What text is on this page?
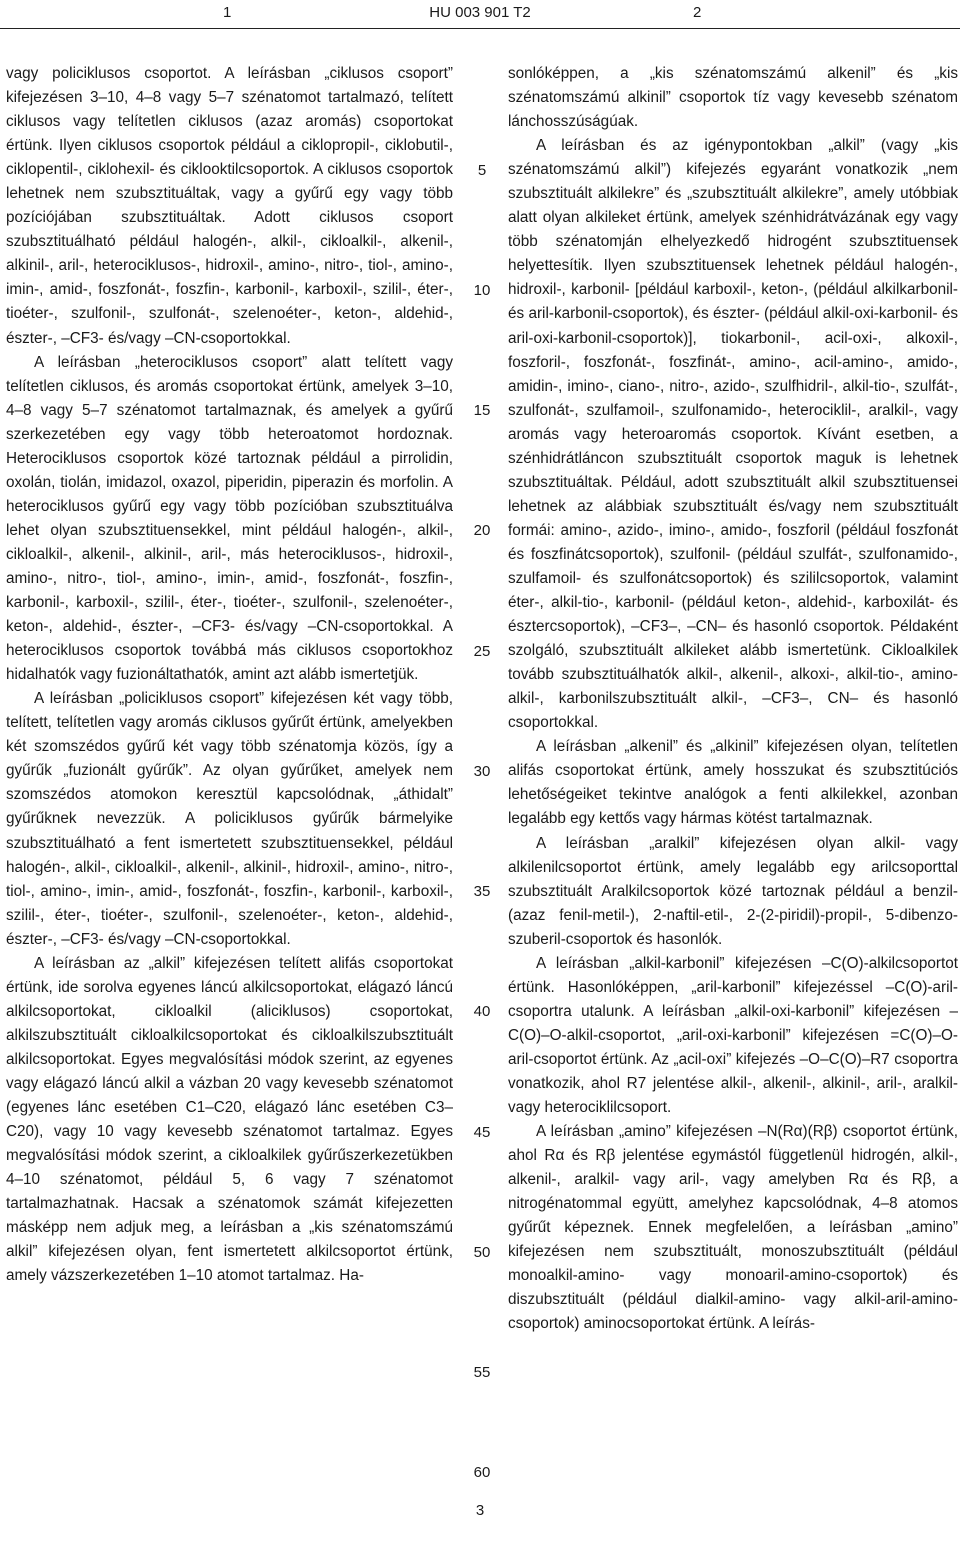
1	HU 003 901 T2	2

vagy policiklusos csoportot. A leírásban „ciklusos csoport” kifejezésen 3–10, 4–8 vagy 5–7 szénatomot tartalmazó, telített ciklusos vagy telítetlen ciklusos (azaz aromás) csoportokat értünk. Ilyen ciklusos csoportok például a ciklopropil-, ciklobutil-, ciklopentil-, ciklohexil- és ciklooktilcsoportok. A ciklusos csoportok lehetnek nem szubsztituáltak, vagy a gyűrű egy vagy több pozíciójában szubsztituáltak. Adott ciklusos csoport szubsztituálható például halogén-, alkil-, cikloalkil-, alkenil-, alkinil-, aril-, heterociklusos-, hidroxil-, amino-, nitro-, tiol-, amino-, imin-, amid-, foszfonát-, foszfin-, karbonil-, karboxil-, szilil-, éter-, tioéter-, szulfonil-, szulfonát-, szelenoéter-, keton-, aldehid-, észter-, –CF3- és/vagy –CN-csoportokkal.

A leírásban „heterociklusos csoport” alatt telített vagy telítetlen ciklusos, és aromás csoportokat értünk, amelyek 3–10, 4–8 vagy 5–7 szénatomot tartalmaznak, és amelyek a gyűrű szerkezetében egy vagy több heteroatomot hordoznak. Heterociklusos csoportok közé tartoznak például a pirrolidin, oxolán, tiolán, imidazol, oxazol, piperidin, piperazin és morfolin. A heterociklusos gyűrű egy vagy több pozícióban szubsztituálva lehet olyan szubsztituensekkel, mint például halogén-, alkil-, cikloalkil-, alkenil-, alkinil-, aril-, más heterociklusos-, hidroxil-, amino-, nitro-, tiol-, amino-, imin-, amid-, foszfonát-, foszfin-, karbonil-, karboxil-, szilil-, éter-, tioéter-, szulfonil-, szelenoéter-, keton-, aldehid-, észter-, –CF3- és/vagy –CN-csoportokkal. A heterociklusos csoportok továbbá más ciklusos csoportokhoz hidalhatók vagy fuzionáltathatók, amint azt alább ismertetjük.

A leírásban „policiklusos csoport” kifejezésen két vagy több, telített, telítetlen vagy aromás ciklusos gyűrűt értünk, amelyekben két szomszédos gyűrű két vagy több szénatomja közös, így a gyűrűk „fuzionált gyűrűk”. Az olyan gyűrűket, amelyek nem szomszédos atomokon keresztül kapcsolódnak, „áthidalt” gyűrűknek nevezzük. A policiklusos gyűrűk bármelyike szubsztituálható a fent ismertetett szubsztituensekkel, például halogén-, alkil-, cikloalkil-, alkenil-, alkinil-, hidroxil-, amino-, nitro-, tiol-, amino-, imin-, amid-, foszfonát-, foszfin-, karbonil-, karboxil-, szilil-, éter-, tioéter-, szulfonil-, szelenoéter-, keton-, aldehid-, észter-, –CF3- és/vagy –CN-csoportokkal.

A leírásban az „alkil” kifejezésen telített alifás csoportokat értünk, ide sorolva egyenes láncú alkilcsoportokat, elágazó láncú alkilcsoportokat, cikloalkil (aliciklusos) csoportokat, alkilszubsztituált cikloalkilcsoportokat és cikloalkilszubsztituált alkilcsoportokat. Egyes megvalósítási módok szerint, az egyenes vagy elágazó láncú alkil a vázban 20 vagy kevesebb szénatomot (egyenes lánc esetében C1–C20, elágazó lánc esetében C3–C20), vagy 10 vagy kevesebb szénatomot tartalmaz. Egyes megvalósítási módok szerint, a cikloalkilek gyűrűszerkezetükben 4–10 szénatomot, például 5, 6 vagy 7 szénatomot tartalmazhatnak. Hacsak a szénatomok számát kifejezetten másképp nem adjuk meg, a leírásban a „kis szénatomszámú alkil” kifejezésen olyan, fent ismertetett alkilcsoportot értünk, amely vázszerkezetében 1–10 atomot tartalmaz. Ha-

5
10
15
20
25
30
35
40
45
50
55
60

sonlóképpen, a „kis szénatomszámú alkenil” és „kis szénatomszámú alkinil” csoportok tíz vagy kevesebb szénatom lánchosszúságúak.

A leírásban és az igénypontokban „alkil” (vagy „kis szénatomszámú alkil”) kifejezés egyaránt vonatkozik „nem szubsztituált alkilekre” és „szubsztituált alkilekre”, amely utóbbiak alatt olyan alkileket értünk, amelyek szénhidrátvázának egy vagy több szénatomján elhelyezkedő hidrogént szubsztituensek helyettesítik. Ilyen szubsztituensek lehetnek például halogén-, hidroxil-, karbonil- [például karboxil-, keton-, (például alkilkarbonil- és aril-karbonil-csoportok), és észter- (például alkil-oxi-karbonil- és aril-oxi-karbonil-csoportok)], tiokarbonil-, acil-oxi-, alkoxil-, foszforil-, foszfonát-, foszfinát-, amino-, acil-amino-, amido-, amidin-, imino-, ciano-, nitro-, azido-, szulfhidril-, alkil-tio-, szulfát-, szulfonát-, szulfamoil-, szulfonamido-, heterociklil-, aralkil-, vagy aromás vagy heteroaromás csoportok. Kívánt esetben, a szénhidrátláncon szubsztituált csoportok maguk is lehetnek szubsztituáltak. Például, adott szubsztituált alkil szubsztituensei lehetnek az alábbiak szubsztituált és/vagy nem szubsztituált formái: amino-, azido-, imino-, amido-, foszforil (például foszfonát és foszfinátcsoportok), szulfonil- (például szulfát-, szulfonamido-, szulfamoil- és szulfonátcsoportok) és szililcsoportok, valamint éter-, alkil-tio-, karbonil- (például keton-, aldehid-, karboxilát- és észtercsoportok), –CF3–, –CN– és hasonló csoportok. Példaként szolgáló, szubsztituált alkileket alább ismertetünk. Cikloalkilek tovább szubsztituálhatók alkil-, alkenil-, alkoxi-, alkil-tio-, amino-alkil-, karbonilszubsztituált alkil-, –CF3–, CN– és hasonló csoportokkal.

A leírásban „alkenil” és „alkinil” kifejezésen olyan, telítetlen alifás csoportokat értünk, amely hosszukat és szubsztitúciós lehetőségeiket tekintve analógok a fenti alkilekkel, azonban legalább egy kettős vagy hármas kötést tartalmaznak.

A leírásban „aralkil” kifejezésen olyan alkil- vagy alkilenilcsoportot értünk, amely legalább egy arilcsoporttal szubsztituált Aralkilcsoportok közé tartoznak például a benzil- (azaz fenil-metil-), 2-naftil-etil-, 2-(2-piridil)-propil-, 5-dibenzo-szuberil-csoportok és hasonlók.

A leírásban „alkil-karbonil” kifejezésen –C(O)-alkilcsoportot értünk. Hasonlóképpen, „aril-karbonil” kifejezéssel –C(O)-aril-csoportra utalunk. A leírásban „alkil-oxi-karbonil” kifejezésen –C(O)–O-alkil-csoportot, „aril-oxi-karbonil” kifejezésen =C(O)–O-aril-csoportot értünk. Az „acil-oxi” kifejezés –O–C(O)–R7 csoportra vonatkozik, ahol R7 jelentése alkil-, alkenil-, alkinil-, aril-, aralkil- vagy heterociklilcsoport.

A leírásban „amino” kifejezésen –N(Rα)(Rβ) csoportot értünk, ahol Rα és Rβ jelentése egymástól függetlenül hidrogén, alkil-, alkenil-, aralkil- vagy aril-, vagy amelyben Rα és Rβ, a nitrogénatommal együtt, amelyhez kapcsolódnak, 4–8 atomos gyűrűt képeznek. Ennek megfelelően, a leírásban „amino” kifejezésen nem szubsztituált, monoszubsztituált (például monoalkil-amino- vagy monoaril-amino-csoportok) és diszubsztituált (például dialkil-amino- vagy alkil-aril-amino-csoportok) aminocsoportokat értünk. A leírás-

3
